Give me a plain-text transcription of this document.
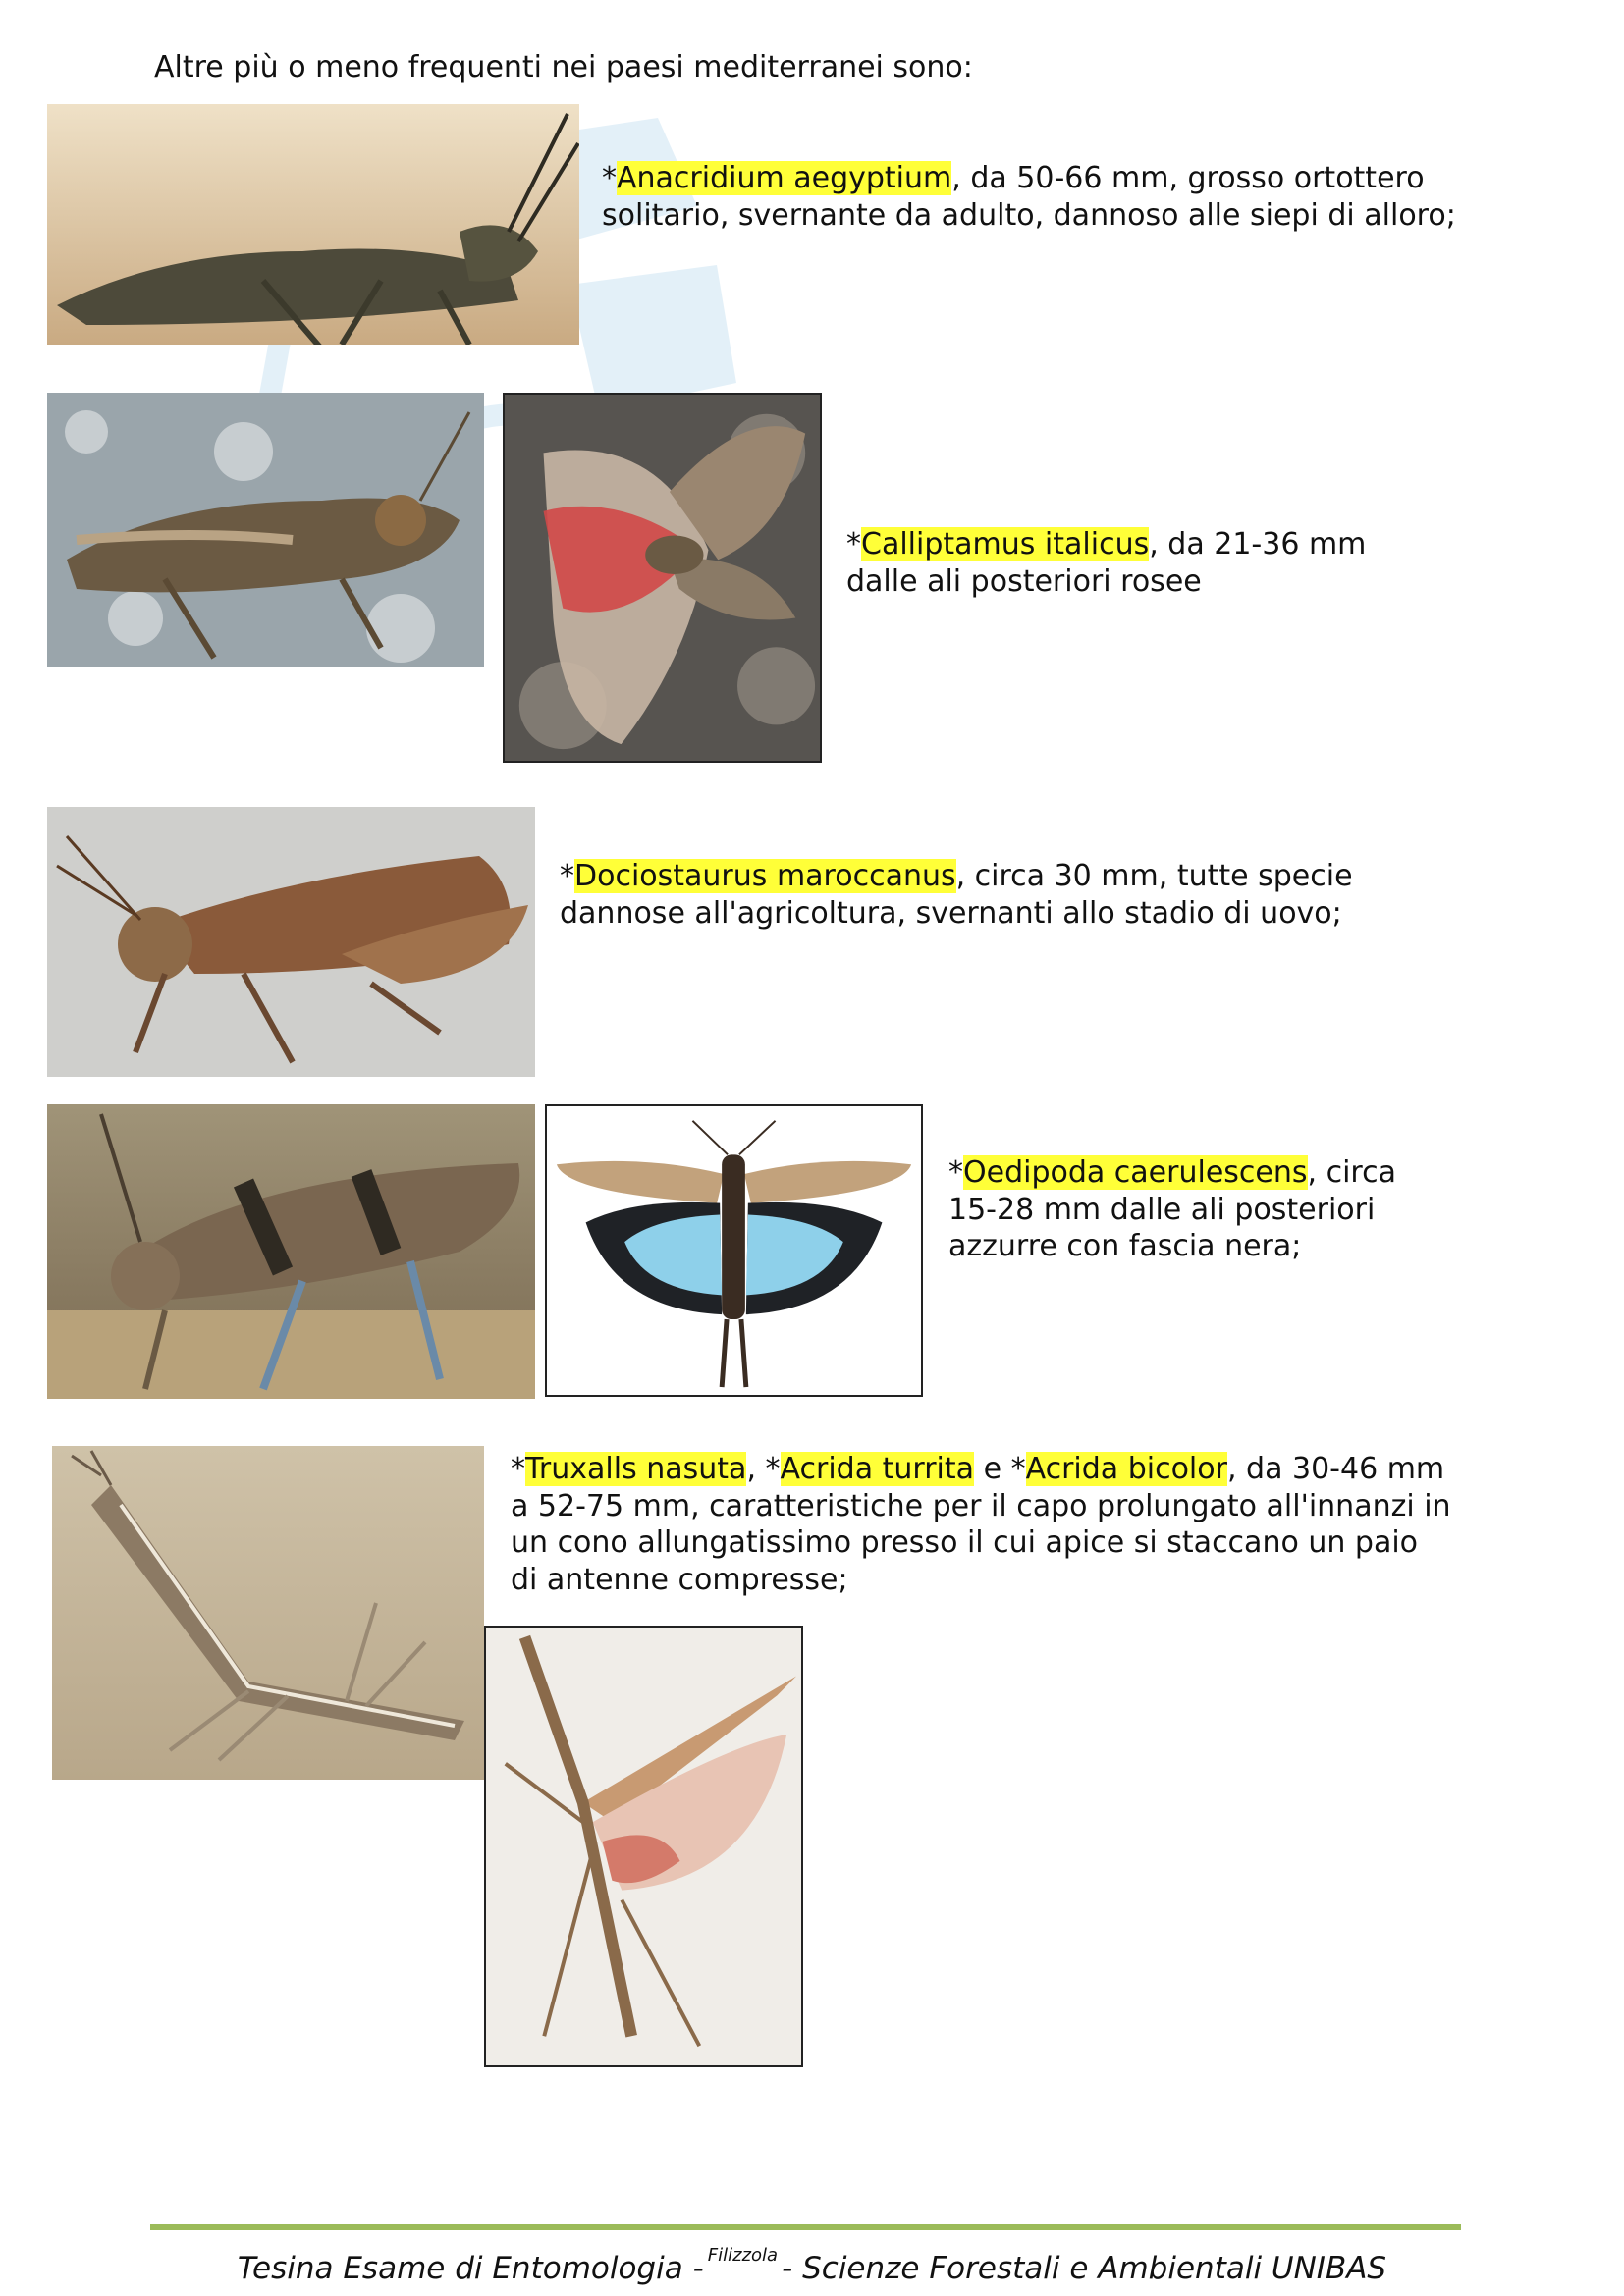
Altre più o meno frequenti nei paesi mediterranei sono:
*Anacridium aegyptium, da 50-66 mm, grosso ortottero solitario, svernante da adulto, dannoso alle siepi di alloro;
*Calliptamus italicus, da 21-36 mm dalle ali posteriori rosee
*Dociostaurus maroccanus, circa 30 mm, tutte specie dannose all'agricoltura, svernanti allo stadio di uovo;
*Oedipoda caerulescens, circa 15-28 mm dalle ali posteriori azzurre con fascia nera;
*Truxalls nasuta, *Acrida turrita e *Acrida bicolor, da 30-46 mm a 52-75 mm, caratteristiche per il capo prolungato all'innanzi in un cono allungatissimo presso il cui apice si staccano un paio di antenne compresse;
Tesina Esame di Entomologia - $^{Filizzola}$ - Scienze Forestali e Ambientali UNIBAS
